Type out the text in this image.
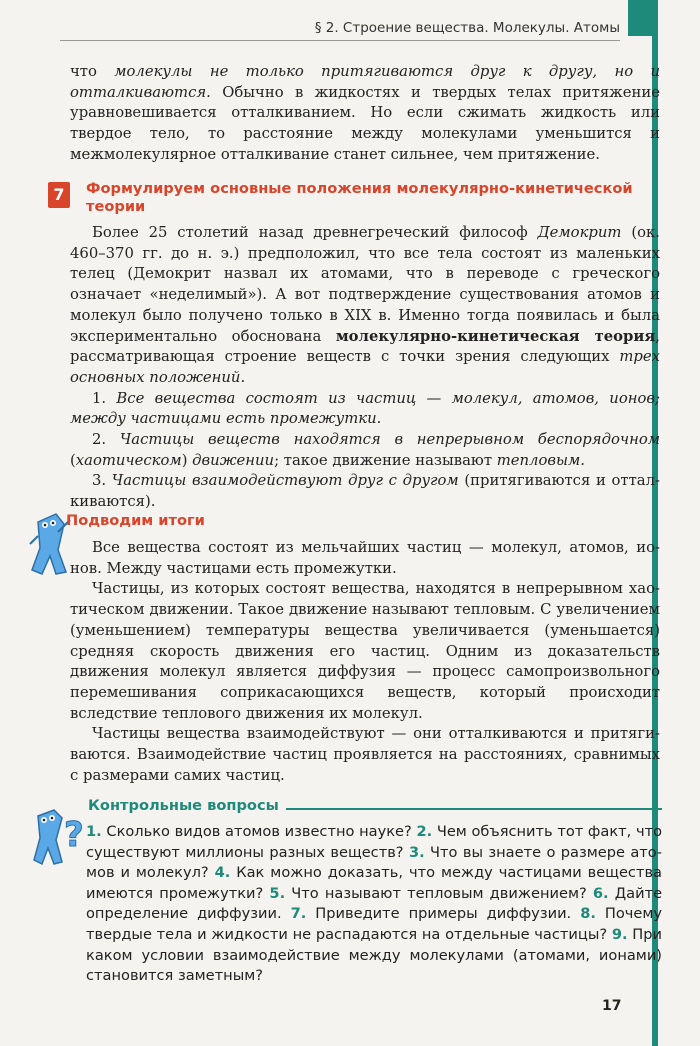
§ 2. Строение вещества. Молекулы. Атомы

что молекулы не только притягиваются друг к другу, но и отталкиваются. Обычно в жидкостях и твердых телах притяжение уравновешивается отталкиванием. Но если сжимать жидкость или твердое тело, то расстояние между молекулами уменьшится и межмолекулярное отталкивание станет сильнее, чем притяжение.

7	Формулируем основные положения молекулярно-кинетической теории

Более 25 столетий назад древнегреческий философ Демокрит (ок. 460–370 гг. до н. э.) предположил, что все тела состоят из маленьких телец (Демокрит назвал их атомами, что в переводе с греческого означает «неделимый»). А вот подтверждение существования атомов и молекул было получено только в XIX в. Именно тогда появилась и была экспериментально обоснована молекулярно-кинетическая теория, рассматривающая строение веществ с точки зрения следующих трех основных положений.

1. Все вещества состоят из частиц — молекул, атомов, ионов; между частицами есть промежутки.

2. Частицы веществ находятся в непрерывном беспорядочном (хаотическом) движении; такое движение называют тепловым.

3. Частицы взаимодействуют друг с другом (притягиваются и отталкиваются).

Подводим итоги

Все вещества состоят из мельчайших частиц — молекул, атомов, ионов. Между частицами есть промежутки.

Частицы, из которых состоят вещества, находятся в непрерывном хаотическом движении. Такое движение называют тепловым. С увеличением (уменьшением) температуры вещества увеличивается (уменьшается) средняя скорость движения его частиц. Одним из доказательств движения молекул является диффузия — процесс самопроизвольного перемешивания соприкасающихся веществ, который происходит вследствие теплового движения их молекул.

Частицы вещества взаимодействуют — они отталкиваются и притягиваются. Взаимодействие частиц проявляется на расстояниях, сравнимых с размерами самих частиц.

?
Контрольные вопросы
1. Сколько видов атомов известно науке? 2. Чем объяснить тот факт, что существуют миллионы разных веществ? 3. Что вы знаете о размере атомов и молекул? 4. Как можно доказать, что между частицами вещества имеются промежутки? 5. Что называют тепловым движением? 6. Дайте определение диффузии. 7. Приведите примеры диффузии. 8. Почему твердые тела и жидкости не распадаются на отдельные частицы? 9. При каком условии взаимодействие между молекулами (атомами, ионами) становится заметным?
17
